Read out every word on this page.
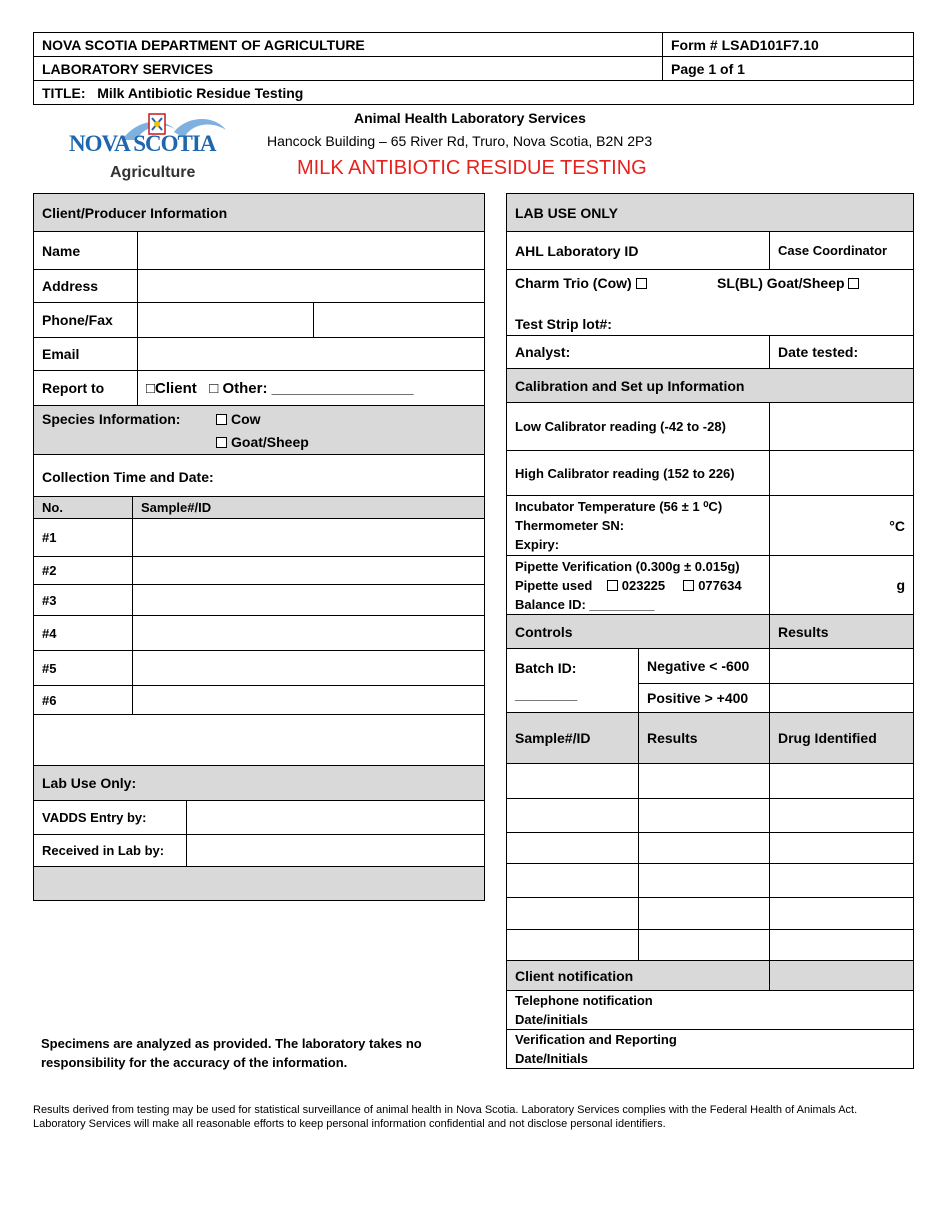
NOVA SCOTIA DEPARTMENT OF AGRICULTURE	Form # LSAD101F7.10
LABORATORY SERVICES	Page 1 of 1
TITLE: Milk Antibiotic Residue Testing	
NOVA SCOTIA
Agriculture
Animal Health Laboratory Services
Hancock Building – 65 River Rd, Truro, Nova Scotia, B2N 2P3
MILK ANTIBIOTIC RESIDUE TESTING
Client/Producer Information		
Name		
Address		
Phone/Fax		
Email		
Report to	□Client □ Other: _________________	

Species Information: Cow
Goat/Sheep		

Collection Time and Date:		
No.	Sample#/ID
#1	
#2	
#3	
#4	
#5	
#6	

Lab Use Only:	
VADDS Entry by:	
Received in Lab by:	

Specimens are analyzed as provided. The laboratory takes no responsibility for the accuracy of the information.
LAB USE ONLY		
AHL Laboratory ID		Case Coordinator

Charm Trio (Cow) SL(BL) Goat/Sheep
Test Strip lot#:		

Analyst:		Date tested:
Calibration and Set up Information		
Low Calibrator reading (-42 to -28)		
High Calibrator reading (152 to 226)		

Incubator Temperature (56 ± 1 ⁰C)
Thermometer SN:
Expiry:		°C

Pipette Verification (0.300g ± 0.015g)
Pipette used 023225 077634
Balance ID: _________		g
Controls		Results

Batch ID:
________	Negative < -600	
	Positive > +400	
Sample#/ID	Results	Drug Identified

Client notification		

Telephone notification
Date/initials		

Verification and Reporting
Date/Initials		
Results derived from testing may be used for statistical surveillance of animal health in Nova Scotia. Laboratory Services complies with the Federal Health of Animals Act.
Laboratory Services will make all reasonable efforts to keep personal information confidential and not disclose personal identifiers.
